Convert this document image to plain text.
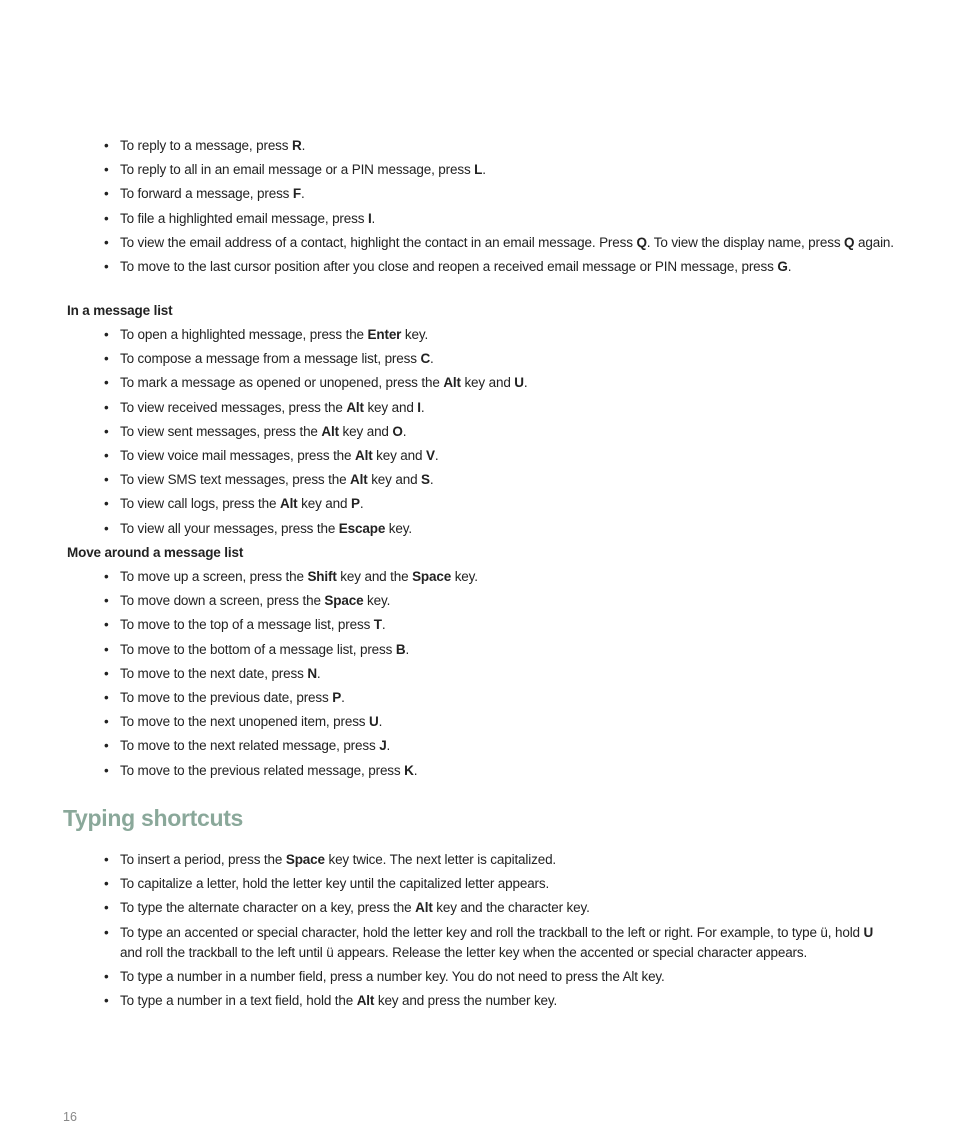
• To reply to a message, press R.
• To reply to all in an email message or a PIN message, press L.
• To forward a message, press F.
• To file a highlighted email message, press I.
• To view the email address of a contact, highlight the contact in an email message. Press Q. To view the display name, press Q again.
• To move to the last cursor position after you close and reopen a received email message or PIN message, press G.
In a message list
• To open a highlighted message, press the Enter key.
• To compose a message from a message list, press C.
• To mark a message as opened or unopened, press the Alt key and U.
• To view received messages, press the Alt key and I.
• To view sent messages, press the Alt key and O.
• To view voice mail messages, press the Alt key and V.
• To view SMS text messages, press the Alt key and S.
• To view call logs, press the Alt key and P.
• To view all your messages, press the Escape key.
Move around a message list
• To move up a screen, press the Shift key and the Space key.
• To move down a screen, press the Space key.
• To move to the top of a message list, press T.
• To move to the bottom of a message list, press B.
• To move to the next date, press N.
• To move to the previous date, press P.
• To move to the next unopened item, press U.
• To move to the next related message, press J.
• To move to the previous related message, press K.
Typing shortcuts
• To insert a period, press the Space key twice. The next letter is capitalized.
• To capitalize a letter, hold the letter key until the capitalized letter appears.
• To type the alternate character on a key, press the Alt key and the character key.
• To type an accented or special character, hold the letter key and roll the trackball to the left or right. For example, to type ü, hold U and roll the trackball to the left until ü appears. Release the letter key when the accented or special character appears.
• To type a number in a number field, press a number key. You do not need to press the Alt key.
• To type a number in a text field, hold the Alt key and press the number key.
16
